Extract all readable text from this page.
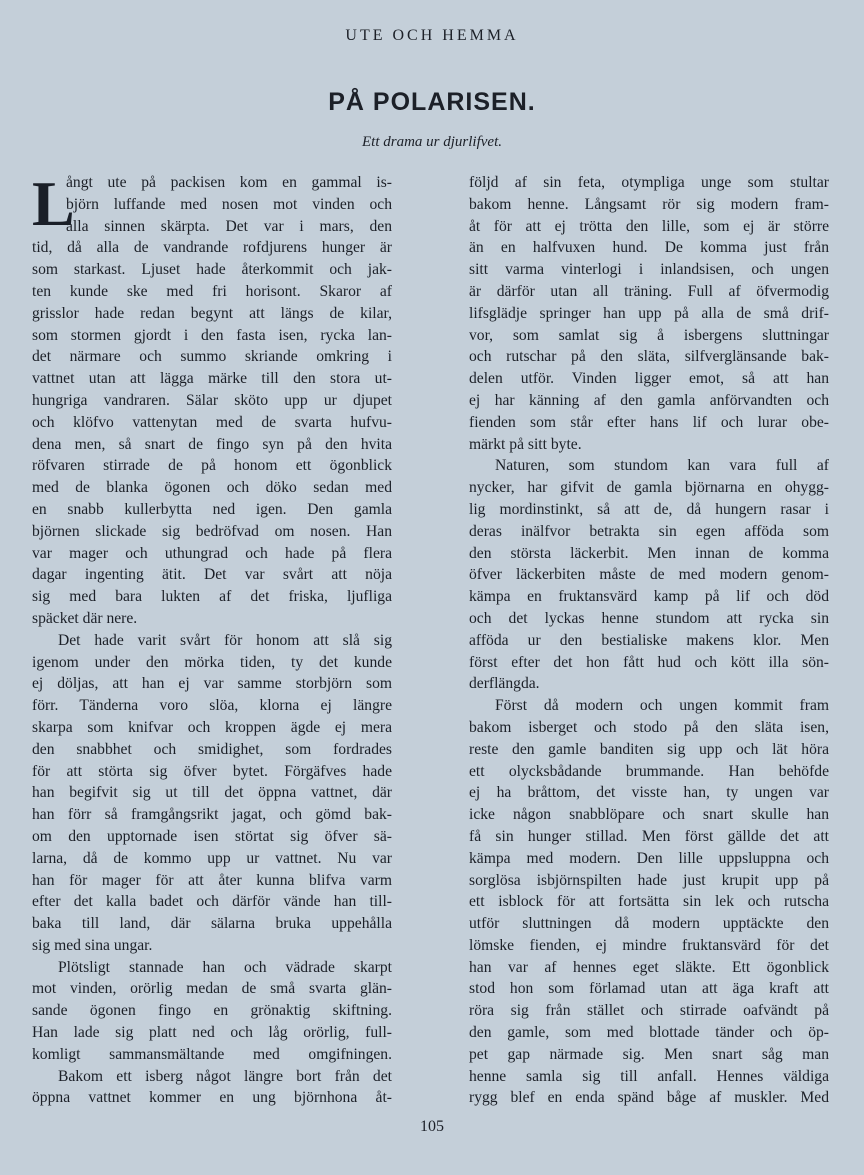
UTE OCH HEMMA
PÅ POLARISEN.
Ett drama ur djurlifvet.
L
ångt ute på packisen kom en gammal is-
björn luffande med nosen mot vinden och
alla sinnen skärpta. Det var i mars, den
tid, då alla de vandrande rofdjurens hunger är
som starkast. Ljuset hade återkommit och jak-
ten kunde ske med fri horisont. Skaror af
grisslor hade redan begynt att längs de kilar,
som stormen gjordt i den fasta isen, rycka lan-
det närmare och summo skriande omkring i
vattnet utan att lägga märke till den stora ut-
hungriga vandraren. Sälar sköto upp ur djupet
och klöfvo vattenytan med de svarta hufvu-
dena men, så snart de fingo syn på den hvita
röfvaren stirrade de på honom ett ögonblick
med de blanka ögonen och döko sedan med
en snabb kullerbytta ned igen. Den gamla
björnen slickade sig bedröfvad om nosen. Han
var mager och uthungrad och hade på flera
dagar ingenting ätit. Det var svårt att nöja
sig med bara lukten af det friska, ljufliga
späcket där nere.
Det hade varit svårt för honom att slå sig
igenom under den mörka tiden, ty det kunde
ej döljas, att han ej var samme storbjörn som
förr. Tänderna voro slöa, klorna ej längre
skarpa som knifvar och kroppen ägde ej mera
den snabbhet och smidighet, som fordrades
för att störta sig öfver bytet. Förgäfves hade
han begifvit sig ut till det öppna vattnet, där
han förr så framgångsrikt jagat, och gömd bak-
om den upptornade isen störtat sig öfver sä-
larna, då de kommo upp ur vattnet. Nu var
han för mager för att åter kunna blifva varm
efter det kalla badet och därför vände han till-
baka till land, där sälarna bruka uppehålla
sig med sina ungar.
Plötsligt stannade han och vädrade skarpt
mot vinden, orörlig medan de små svarta glän-
sande ögonen fingo en grönaktig skiftning.
Han lade sig platt ned och låg orörlig, full-
komligt sammansmältande med omgifningen.
Bakom ett isberg något längre bort från det
öppna vattnet kommer en ung björnhona åt-
följd af sin feta, otympliga unge som stultar
bakom henne. Långsamt rör sig modern fram-
åt för att ej trötta den lille, som ej är större
än en halfvuxen hund. De komma just från
sitt varma vinterlogi i inlandsisen, och ungen
är därför utan all träning. Full af öfvermodig
lifsglädje springer han upp på alla de små drif-
vor, som samlat sig å isbergens sluttningar
och rutschar på den släta, silfverglänsande bak-
delen utför. Vinden ligger emot, så att han
ej har känning af den gamla anförvandten och
fienden som står efter hans lif och lurar obe-
märkt på sitt byte.
Naturen, som stundom kan vara full af
nycker, har gifvit de gamla björnarna en ohygg-
lig mordinstinkt, så att de, då hungern rasar i
deras inälfvor betrakta sin egen afföda som
den största läckerbit. Men innan de komma
öfver läckerbiten måste de med modern genom-
kämpa en fruktansvärd kamp på lif och död
och det lyckas henne stundom att rycka sin
afföda ur den bestialiske makens klor. Men
först efter det hon fått hud och kött illa sön-
derflängda.
Först då modern och ungen kommit fram
bakom isberget och stodo på den släta isen,
reste den gamle banditen sig upp och lät höra
ett olycksbådande brummande. Han behöfde
ej ha bråttom, det visste han, ty ungen var
icke någon snabblöpare och snart skulle han
få sin hunger stillad. Men först gällde det att
kämpa med modern. Den lille uppsluppna och
sorglösa isbjörnspilten hade just krupit upp på
ett isblock för att fortsätta sin lek och rutscha
utför sluttningen då modern upptäckte den
lömske fienden, ej mindre fruktansvärd för det
han var af hennes eget släkte. Ett ögonblick
stod hon som förlamad utan att äga kraft att
röra sig från stället och stirrade oafvändt på
den gamle, som med blottade tänder och öp-
pet gap närmade sig. Men snart såg man
henne samla sig till anfall. Hennes väldiga
rygg blef en enda spänd båge af muskler. Med
105
